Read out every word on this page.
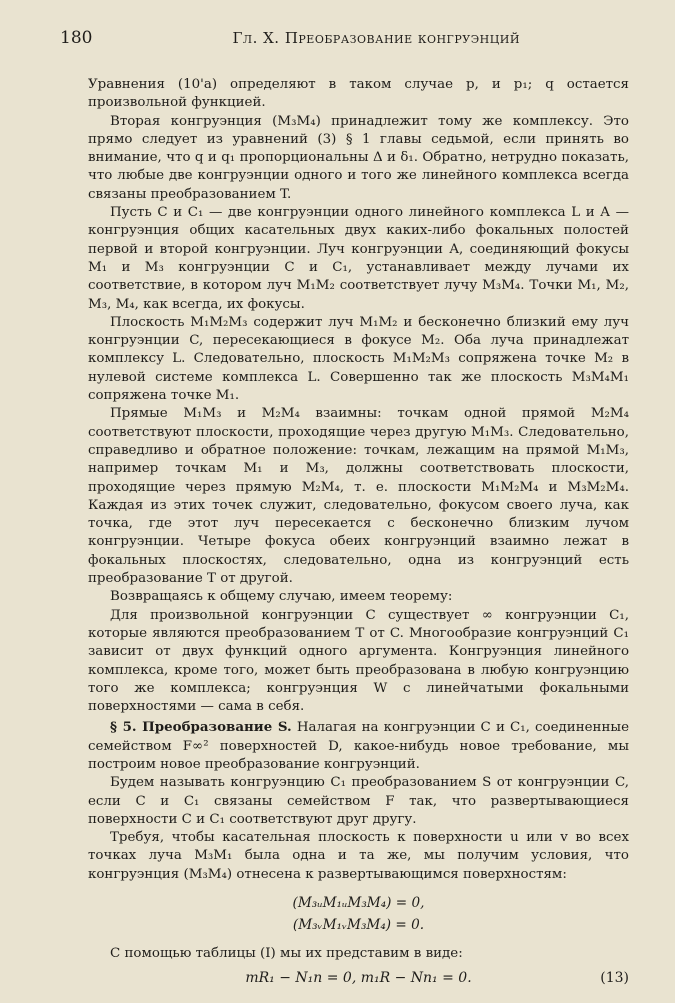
180	Гл. X. Преобразование конгруэнций

Уравнения (10'a) определяют в таком случае p, и p₁; q остается произвольной функцией.

Вторая конгруэнция (M₃M₄) принадлежит тому же комплексу. Это прямо следует из уравнений (3) § 1 главы седьмой, если принять во внимание, что q и q₁ пропорциональны Δ и δ₁. Обратно, нетрудно показать, что любые две конгруэнции одного и того же линейного комплекса всегда связаны преобразованием T.

Пусть C и C₁ — две конгруэнции одного линейного комплекса L и A — конгруэнция общих касательных двух каких-либо фокальных полостей первой и второй конгруэнции. Луч конгруэнции A, соединяющий фокусы M₁ и M₃ конгруэнции C и C₁, устанавливает между лучами их соответствие, в котором луч M₁M₂ соответствует лучу M₃M₄. Точки M₁, M₂, M₃, M₄, как всегда, их фокусы.

Плоскость M₁M₂M₃ содержит луч M₁M₂ и бесконечно близкий ему луч конгруэнции C, пересекающиеся в фокусе M₂. Оба луча принадлежат комплексу L. Следовательно, плоскость M₁M₂M₃ сопряжена точке M₂ в нулевой системе комплекса L. Совершенно так же плоскость M₃M₄M₁ сопряжена точке M₁.

Прямые M₁M₃ и M₂M₄ взаимны: точкам одной прямой M₂M₄ соответствуют плоскости, проходящие через другую M₁M₃. Следовательно, справедливо и обратное положение: точкам, лежащим на прямой M₁M₃, например точкам M₁ и M₃, должны соответствовать плоскости, проходящие через прямую M₂M₄, т. е. плоскости M₁M₂M₄ и M₃M₂M₄. Каждая из этих точек служит, следовательно, фокусом своего луча, как точка, где этот луч пересекается с бесконечно близким лучом конгруэнции. Четыре фокуса обеих конгруэнций взаимно лежат в фокальных плоскостях, следовательно, одна из конгруэнций есть преобразование T от другой.

Возвращаясь к общему случаю, имеем теорему:

Для произвольной конгруэнции C существует ∞ конгруэнции C₁, которые являются преобразованием T от C. Многообразие конгруэнций C₁ зависит от двух функций одного аргумента. Конгруэнция линейного комплекса, кроме того, может быть преобразована в любую конгруэнцию того же комплекса; конгруэнция W с линейчатыми фокальными поверхностями — сама в себя.

§ 5. Преобразование S. Налагая на конгруэнции C и C₁, соединенные семейством F∞² поверхностей D, какое-нибудь новое требование, мы построим новое преобразование конгруэнций.

Будем называть конгруэнцию C₁ преобразованием S от конгруэнции C, если C и C₁ связаны семейством F так, что развертывающиеся поверхности C и C₁ соответствуют друг другу.

Требуя, чтобы касательная плоскость к поверхности u или v во всех точках луча M₃M₁ была одна и та же, мы получим условия, что конгруэнция (M₃M₄) отнесена к развертывающимся поверхностям:

(M₃ᵤM₁ᵤM₃M₄) = 0,
(M₃ᵥM₁ᵥM₃M₄) = 0.

С помощью таблицы (I) мы их представим в виде:

mR₁ − N₁n = 0, m₁R − Nn₁ = 0.	(13)
